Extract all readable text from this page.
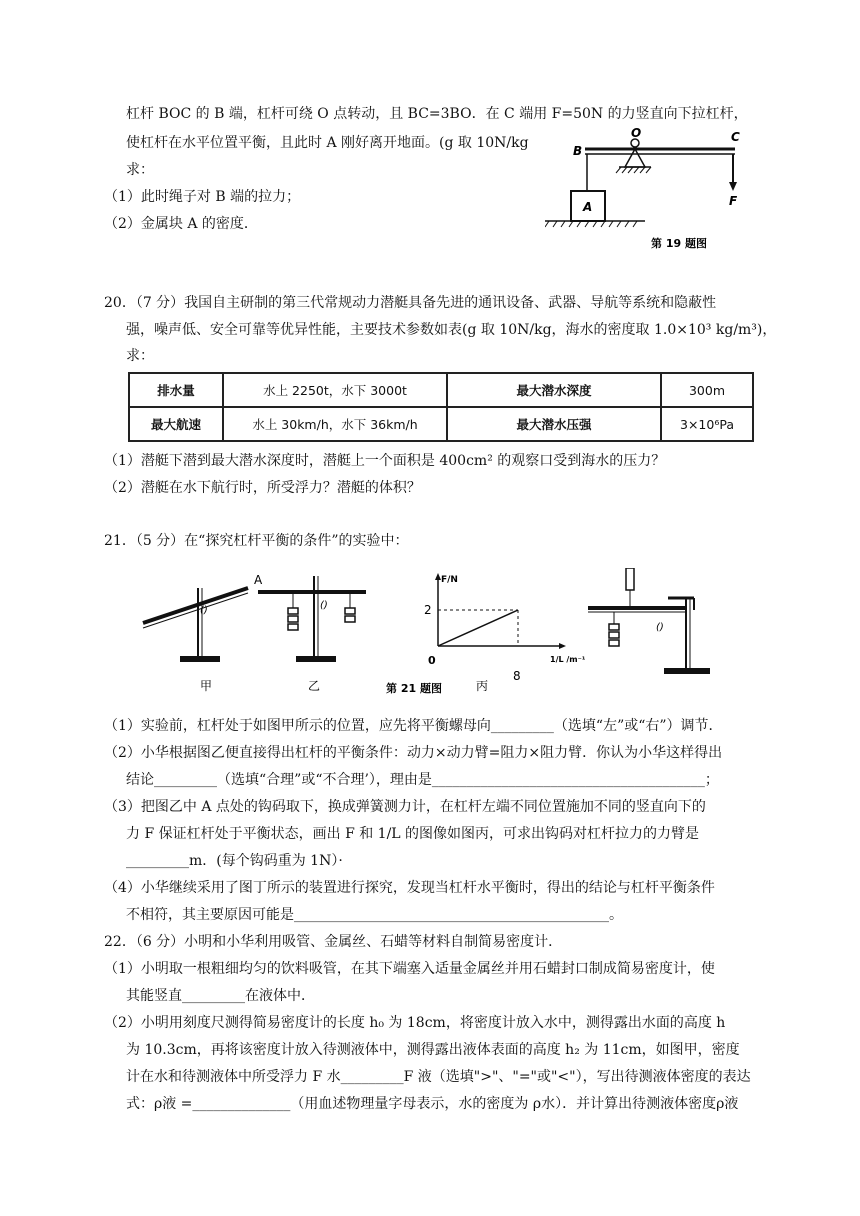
杠杆 BOC 的 B 端，杠杆可绕 O 点转动，且 BC=3BO．在 C 端用 F=50N 的力竖直向下拉杠杆，
使杠杆在水平位置平衡，且此时 A 刚好离开地面。(g 取 10N/kg
求：
（1）此时绳子对 B 端的拉力；
（2）金属块 A 的密度．
B
O	C
A	F
第 19 题图
20．（7 分）我国自主研制的第三代常规动力潜艇具备先进的通讯设备、武器、导航等系统和隐蔽性
强，噪声低、安全可靠等优异性能，主要技术参数如表(g 取 10N/kg，海水的密度取 1.0×10³ kg/m³)，
求：
排水量	水上 2250t，水下 3000t	最大潜水深度	300m
最大航速	水上 30km/h，水下 36km/h	最大潜水压强	3×10⁶Pa
（1）潜艇下潜到最大潜水深度时，潜艇上一个面积是 400cm² 的观察口受到海水的压力？
（2）潜艇在水下航行时，所受浮力？潜艇的体积？
21．（5 分）在“探究杠杆平衡的条件”的实验中：
()
甲
()
A
乙
F/N
1/L /m⁻¹
2
8
0
丙
第 21 题图
()
（1）实验前，杠杆处于如图甲所示的位置，应先将平衡螺母向_________（选填“左”或“右”）调节．
（2）小华根据图乙便直接得出杠杆的平衡条件：动力×动力臂=阻力×阻力臂．你认为小华这样得出
结论_________（选填“合理”或“不合理’），理由是_______________________________________；
（3）把图乙中 A 点处的钩码取下，换成弹簧测力计，在杠杆左端不同位置施加不同的竖直向下的
力 F 保证杠杆处于平衡状态，画出 F 和 1/L 的图像如图丙，可求出钩码对杠杆拉力的力臂是
_________m．(每个钩码重为 1N）·
（4）小华继续采用了图丁所示的装置进行探究，发现当杠杆水平衡时，得出的结论与杠杆平衡条件
不相符，其主要原因可能是_____________________________________________。
22．（6 分）小明和小华利用吸管、金属丝、石蜡等材料自制简易密度计．
（1）小明取一根粗细均匀的饮料吸管，在其下端塞入适量金属丝并用石蜡封口制成简易密度计，使
其能竖直_________在液体中．
（2）小明用刻度尺测得简易密度计的长度 h₀ 为 18cm，将密度计放入水中，测得露出水面的高度 h
为 10.3cm，再将该密度计放入待测液体中，测得露出液体表面的高度 h₂ 为 11cm，如图甲，密度
计在水和待测液体中所受浮力 F 水_________F 液（选填">"、"="或"<"），写出待测液体密度的表达
式：ρ液 =______________（用血述物理量字母表示，水的密度为 ρ水）．并计算出待测液体密度ρ液
